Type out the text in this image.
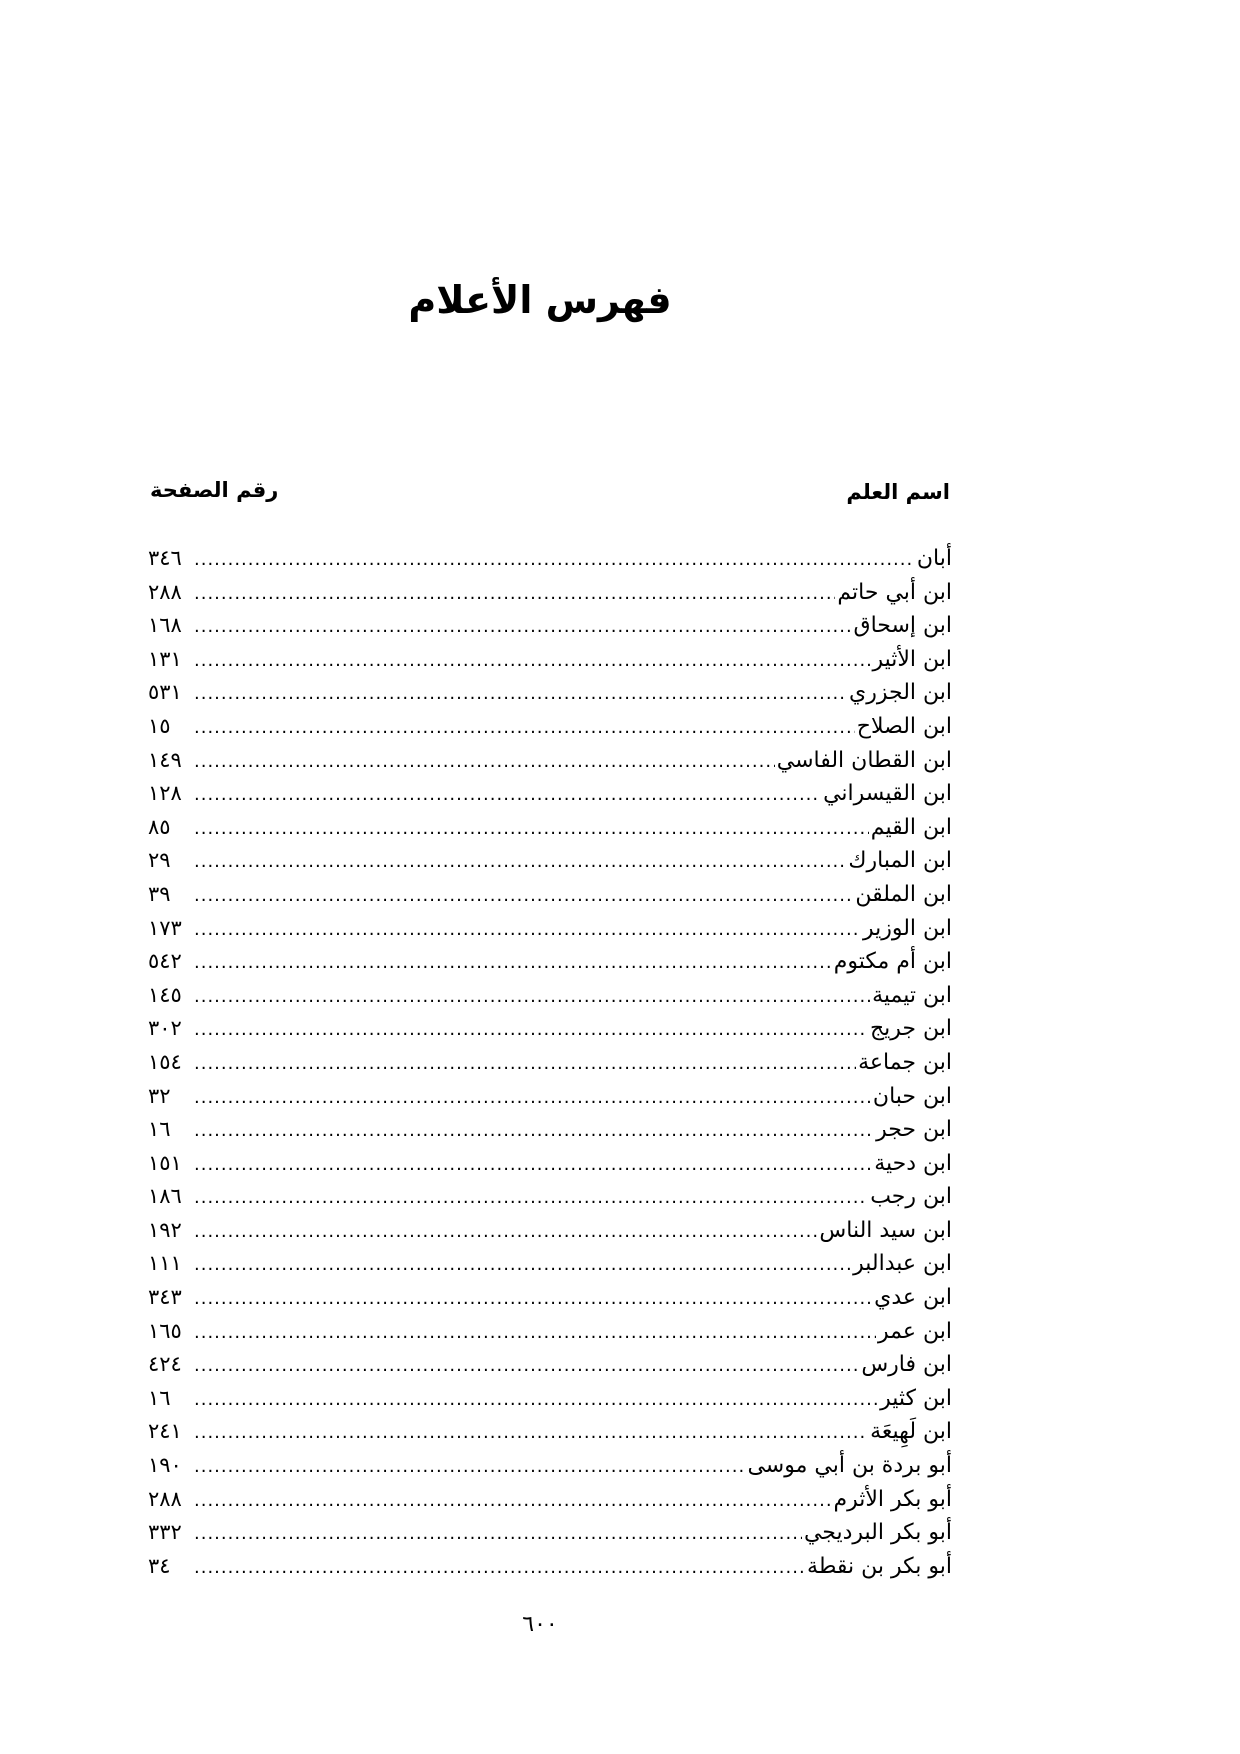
فهرس الأعلام
اسم العلم
رقم الصفحة
أبان
.....
٣٤٦
ابن أبي حاتم
.....
٢٨٨
ابن إسحاق
.....
١٦٨
ابن الأثير
.....
١٣١
ابن الجزري
.....
٥٣١
ابن الصلاح
.....
١٥
ابن القطان الفاسي
.....
١٤٩
ابن القيسراني
.....
١٢٨
ابن القيم
.....
٨٥
ابن المبارك
.....
٢٩
ابن الملقن
.....
٣٩
ابن الوزير
.....
١٧٣
ابن أم مكتوم
.....
٥٤٢
ابن تيمية
.....
١٤٥
ابن جريج
.....
٣٠٢
ابن جماعة
.....
١٥٤
ابن حبان
.....
٣٢
ابن حجر
.....
١٦
ابن دحية
.....
١٥١
ابن رجب
.....
١٨٦
ابن سيد الناس
.....
١٩٢
ابن عبدالبر
.....
١١١
ابن عدي
.....
٣٤٣
ابن عمر
.....
١٦٥
ابن فارس
.....
٤٢٤
ابن كثير
.....
١٦
ابن لَهِيعَة
.....
٢٤١
أبو بردة بن أبي موسى
.....
١٩٠
أبو بكر الأثرم
.....
٢٨٨
أبو بكر البرديجي
.....
٣٣٢
أبو بكر بن نقطة
.....
٣٤
٦٠٠
